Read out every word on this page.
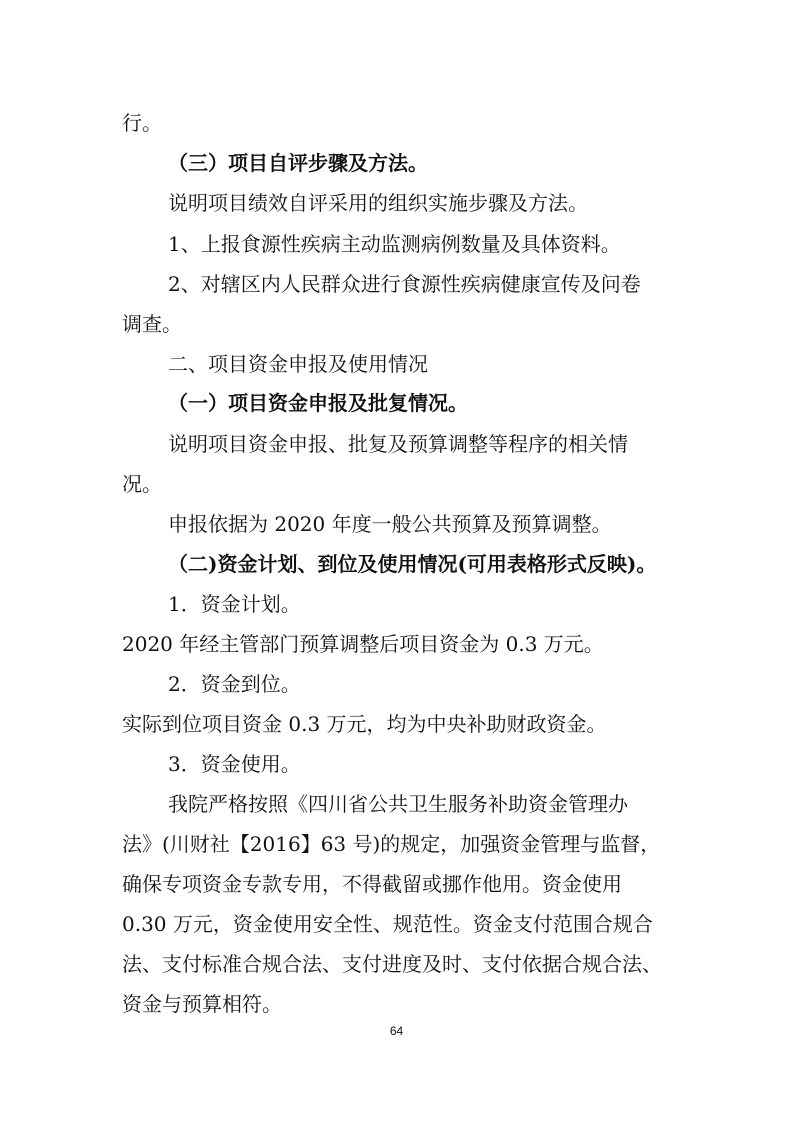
行。
（三）项目自评步骤及方法。
说明项目绩效自评采用的组织实施步骤及方法。
1、上报食源性疾病主动监测病例数量及具体资料。
2、对辖区内人民群众进行食源性疾病健康宣传及问卷
调查。
二、项目资金申报及使用情况
（一）项目资金申报及批复情况。
说明项目资金申报、批复及预算调整等程序的相关情
况。
申报依据为 2020 年度一般公共预算及预算调整。
（二)资金计划、到位及使用情况(可用表格形式反映)。
1．资金计划。
2020 年经主管部门预算调整后项目资金为 0.3 万元。
2．资金到位。
实际到位项目资金 0.3 万元，均为中央补助财政资金。
3．资金使用。
我院严格按照《四川省公共卫生服务补助资金管理办
法》(川财社【2016】63 号)的规定，加强资金管理与监督，
确保专项资金专款专用，不得截留或挪作他用。资金使用
0.30 万元，资金使用安全性、规范性。资金支付范围合规合
法、支付标准合规合法、支付进度及时、支付依据合规合法、
资金与预算相符。
64
